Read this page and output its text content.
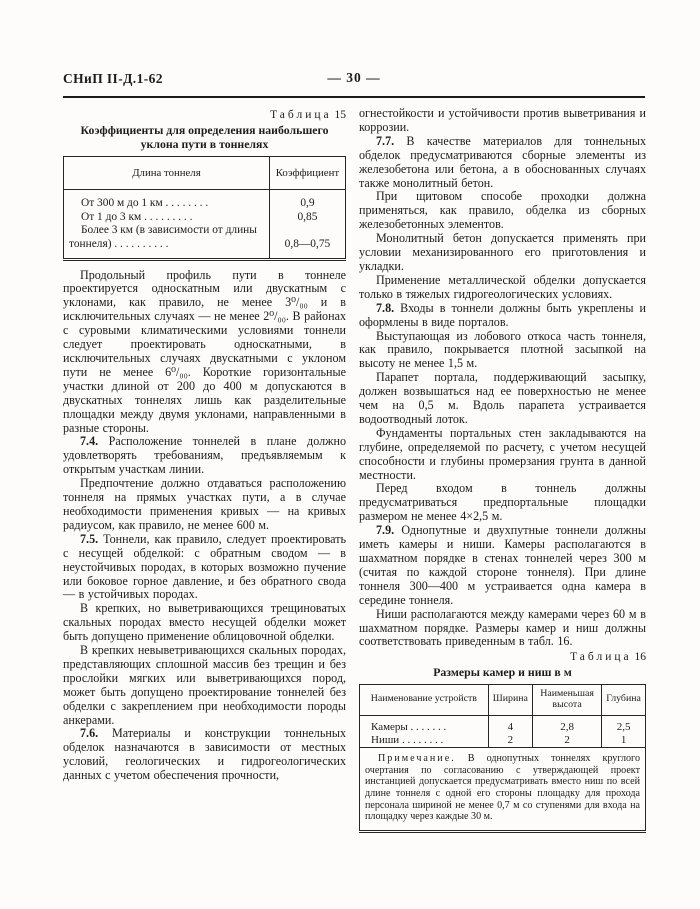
СНиП II-Д.1-62	— 30 —
Таблица 15
Коэффициенты для определения наибольшего уклона пути в тоннелях
Длина тоннеля	Коэффициент
От 300 м до 1 км . . . . . . . .	0,9
От 1 до 3 км . . . . . . . . .	0,85
Более 3 км (в зависимости от длины тоннеля) . . . . . . . . . .	0,8—0,75

Продольный профиль пути в тоннеле проектируется односкатным или двускатным с уклонами, как правило, не менее 3⁰/₀₀ и в исключительных случаях — не менее 2⁰/₀₀. В районах с суровыми климатическими условиями тоннели следует проектировать односкатными, в исключительных случаях двускатными с уклоном пути не менее 6⁰/₀₀. Короткие горизонтальные участки длиной от 200 до 400 м допускаются в двускатных тоннелях лишь как разделительные площадки между двумя уклонами, направленными в разные стороны.

7.4. Расположение тоннелей в плане должно удовлетворять требованиям, предъявляемым к открытым участкам линии.

Предпочтение должно отдаваться расположению тоннеля на прямых участках пути, а в случае необходимости применения кривых — на кривых радиусом, как правило, не менее 600 м.

7.5. Тоннели, как правило, следует проектировать с несущей обделкой: с обратным сводом — в неустойчивых породах, в которых возможно пучение или боковое горное давление, и без обратного свода — в устойчивых породах.

В крепких, но выветривающихся трещиноватых скальных породах вместо несущей обделки может быть допущено применение облицовочной обделки.

В крепких невыветривающихся скальных породах, представляющих сплошной массив без трещин и без прослойки мягких или выветривающихся пород, может быть допущено проектирование тоннелей без обделки с закреплением при необходимости породы анкерами.

7.6. Материалы и конструкции тоннельных обделок назначаются в зависимости от местных условий, геологических и гидрогеологических данных с учетом обеспечения прочности,

огнестойкости и устойчивости против выветривания и коррозии.

7.7. В качестве материалов для тоннельных обделок предусматриваются сборные элементы из железобетона или бетона, а в обоснованных случаях также монолитный бетон.

При щитовом способе проходки должна применяться, как правило, обделка из сборных железобетонных элементов.

Монолитный бетон допускается применять при условии механизированного его приготовления и укладки.

Применение металлической обделки допускается только в тяжелых гидрогеологических условиях.

7.8. Входы в тоннели должны быть укреплены и оформлены в виде порталов.

Выступающая из лобового откоса часть тоннеля, как правило, покрывается плотной засыпкой на высоту не менее 1,5 м.

Парапет портала, поддерживающий засыпку, должен возвышаться над ее поверхностью не менее чем на 0,5 м. Вдоль парапета устраивается водоотводный лоток.

Фундаменты портальных стен закладываются на глубине, определяемой по расчету, с учетом несущей способности и глубины промерзания грунта в данной местности.

Перед входом в тоннель должны предусматриваться предпортальные площадки размером не менее 4×2,5 м.

7.9. Однопутные и двухпутные тоннели должны иметь камеры и ниши. Камеры располагаются в шахматном порядке в стенах тоннелей через 300 м (считая по каждой стороне тоннеля). При длине тоннеля 300—400 м устраивается одна камера в середине тоннеля.

Ниши располагаются между камерами через 60 м в шахматном порядке. Размеры камер и ниш должны соответствовать приведенным в табл. 16.

Таблица 16
Размеры камер и ниш в м
Наименование устройств	Ширина	Наименьшая высота	Глубина
Камеры . . . . . . .	4	2,8	2,5
Ниши . . . . . . . .	2	2	1
Примечание. В однопутных тоннелях круглого очертания по согласованию с утверждающей проект инстанцией допускается предусматривать вместо ниш по всей длине тоннеля с одной его стороны площадку для прохода персонала шириной не менее 0,7 м со ступенями для входа на площадку через каждые 30 м.			
